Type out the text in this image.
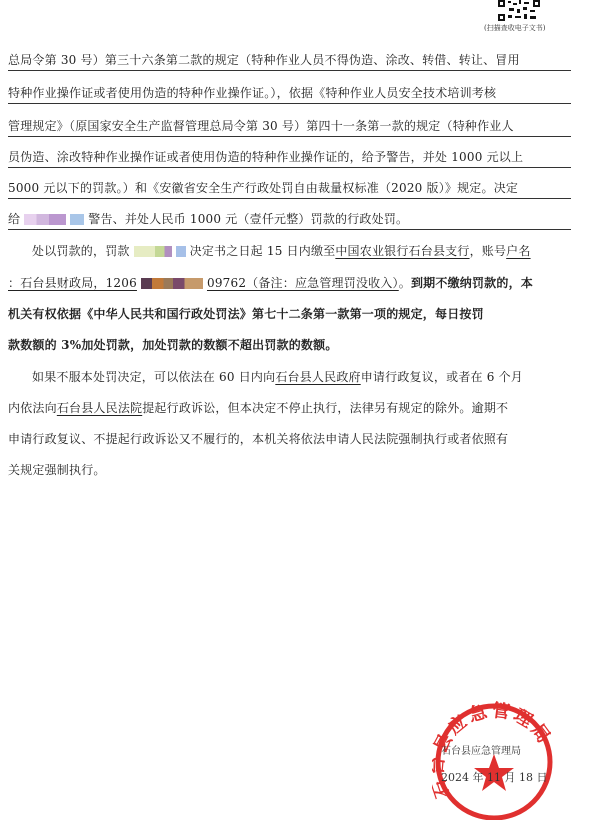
(扫描查收电子文书)
总局令第 30 号）第三十六条第二款的规定（特种作业人员不得伪造、涂改、转借、转让、冒用
特种作业操作证或者使用伪造的特种作业操作证。），依据《特种作业人员安全技术培训考核
管理规定》（原国家安全生产监督管理总局令第 30 号）第四十一条第一款的规定（特种作业人
员伪造、涂改特种作业操作证或者使用伪造的特种作业操作证的，给予警告，并处 1000 元以上
5000 元以下的罚款。）和《安徽省安全生产行政处罚自由裁量权标准（2020 版）》规定。决定
给	警告、并处人民币 1000 元（壹仟元整）罚款的行政处罚。
处以罚款的，罚款	决定书之日起 15 日内缴至中国农业银行石台县支行，账号户名
：石台县财政局，1206	09762（备注：应急管理罚没收入）。到期不缴纳罚款的，本
机关有权依据《中华人民共和国行政处罚法》第七十二条第一款第一项的规定，每日按罚
款数额的 3%加处罚款，加处罚款的数额不超出罚款的数额。
如果不服本处罚决定，可以依法在 60 日内向石台县人民政府申请行政复议，或者在 6 个月
内依法向石台县人民法院提起行政诉讼，但本决定不停止执行，法律另有规定的除外。逾期不
申请行政复议、不提起行政诉讼又不履行的，本机关将依法申请人民法院强制执行或者依照有
关规定强制执行。
县应急管理局
石台县应急管理局
2024 年 11 月 18 日
